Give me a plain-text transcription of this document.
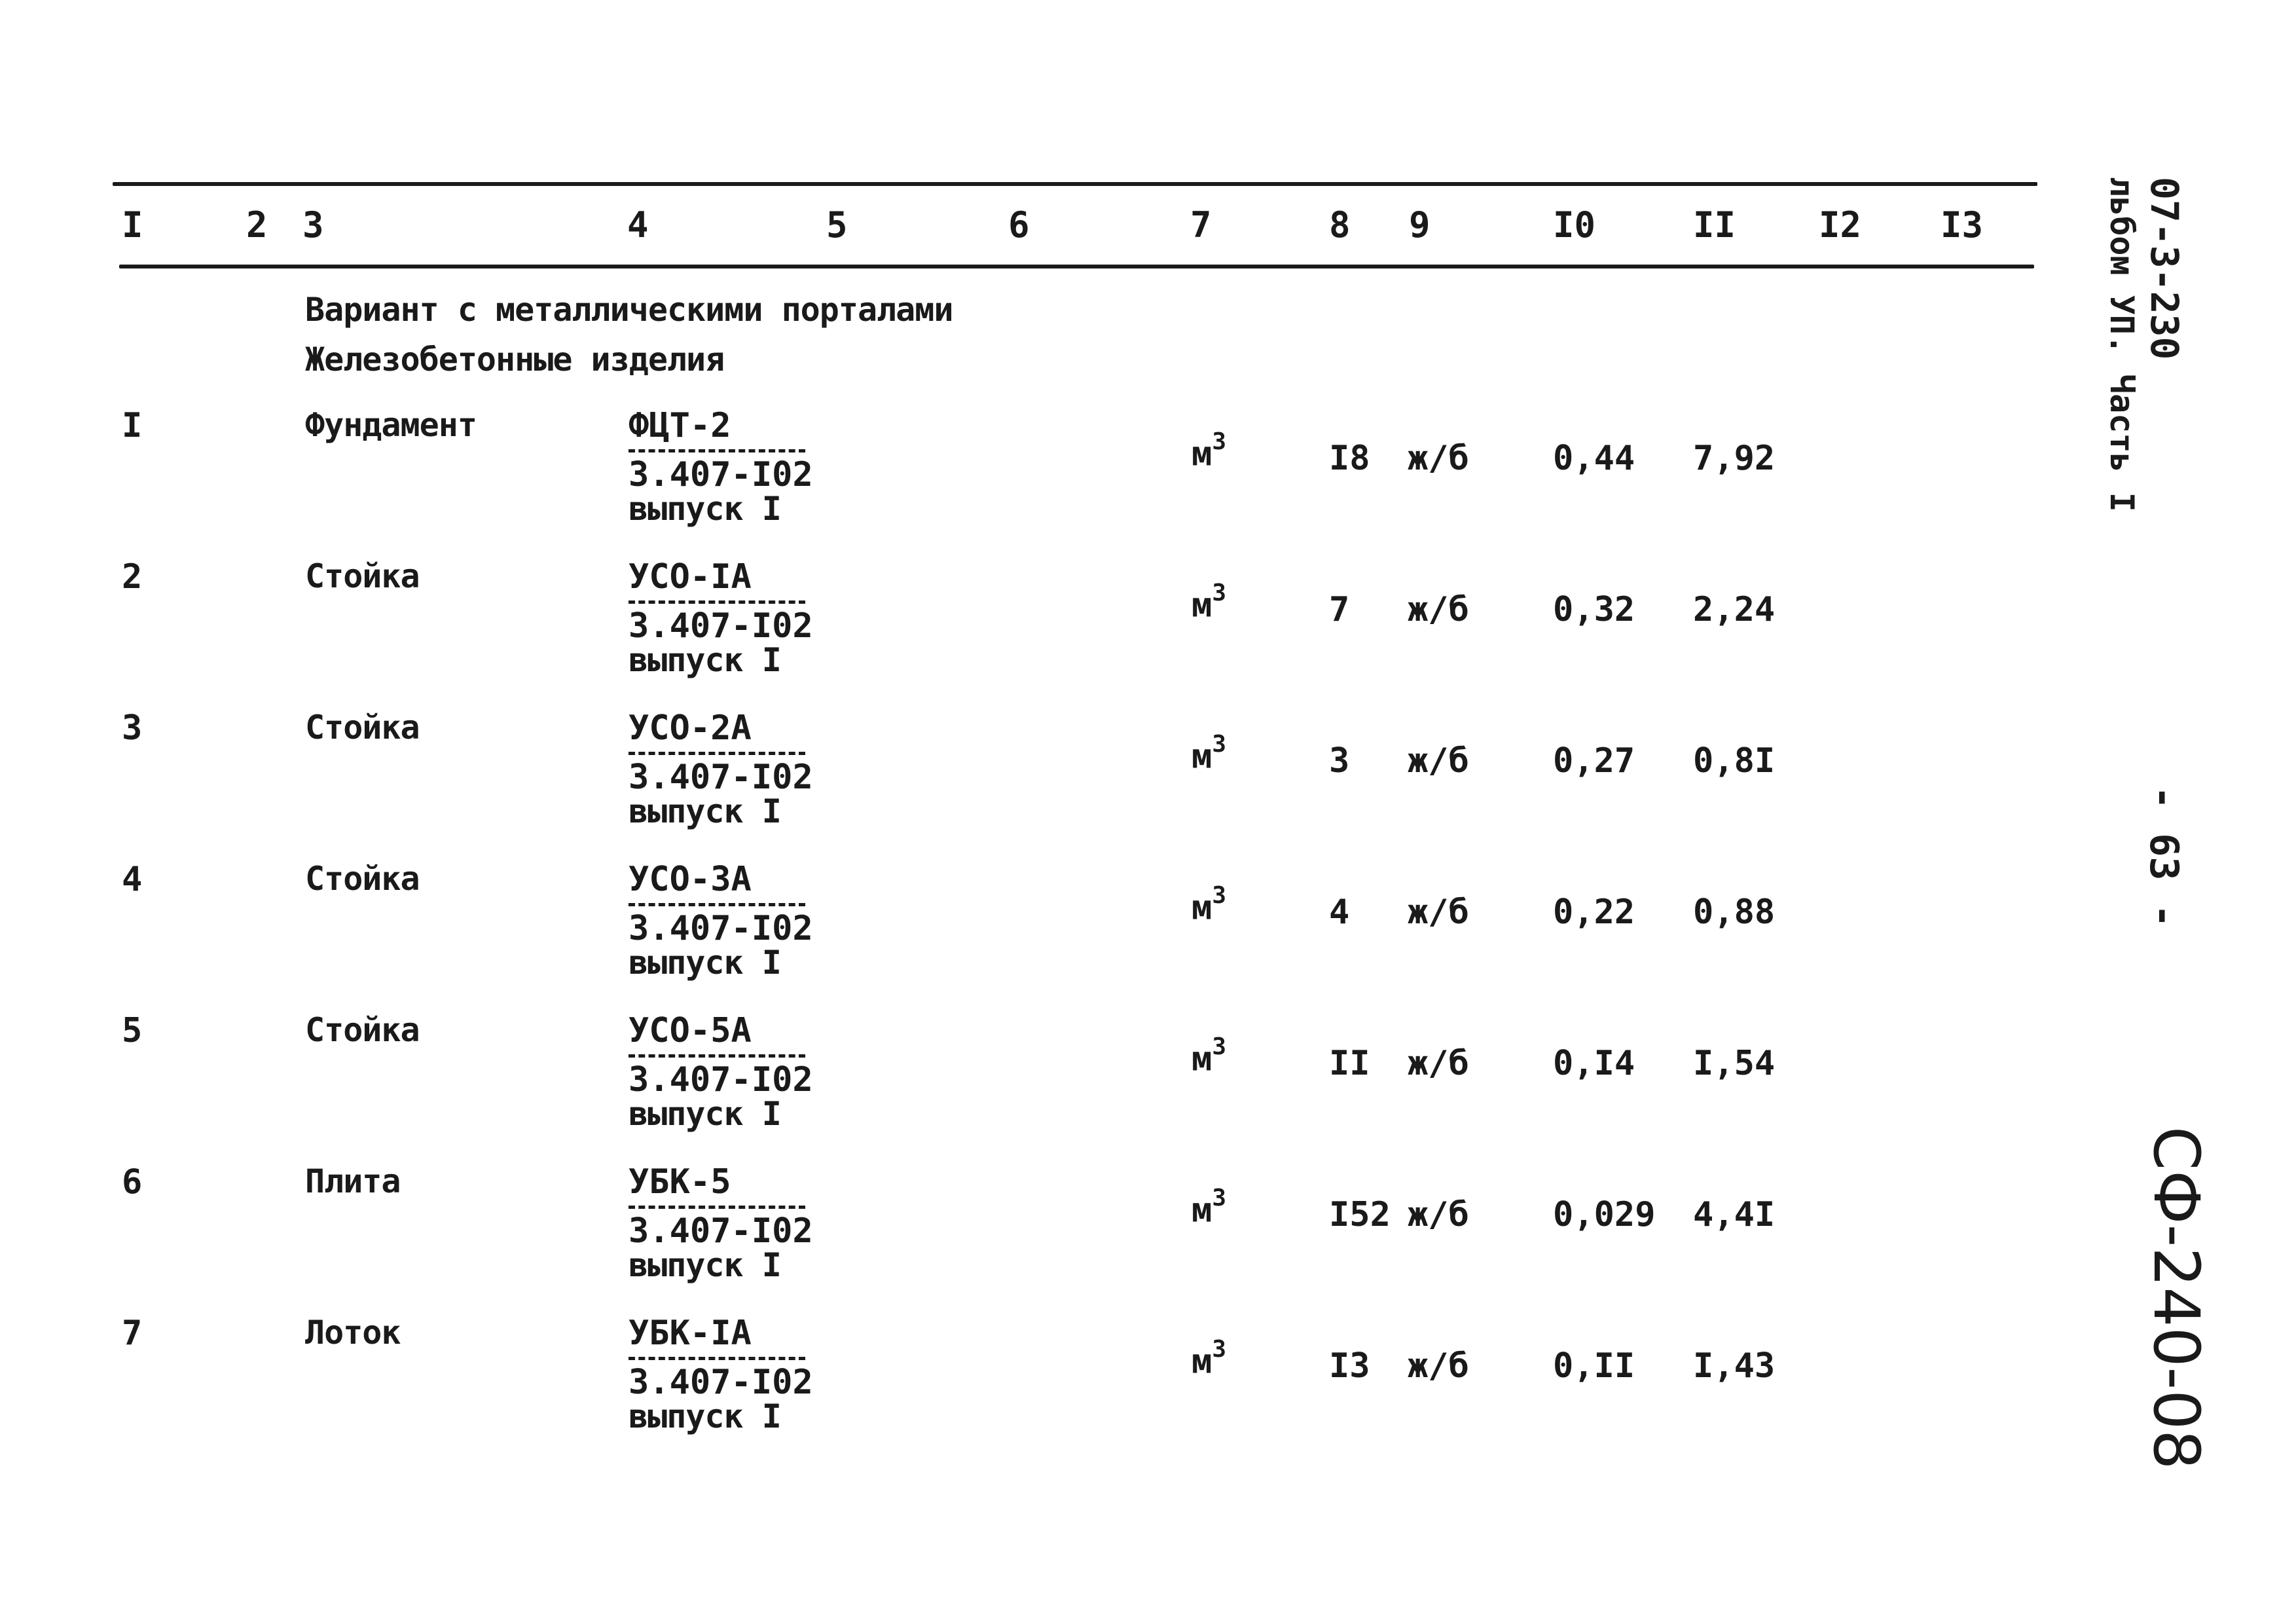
I	2 3	4	5	6	7	8 9	I0	II I2 I3
Вариант с металлическими порталами
Железобетонные изделия
I	Фундамент	ФЦТ-2
3.407-I02
выпуск I
$м^3$	I8 ж/б 0,44 7,92
2	Стойка	УСО-IА
3.407-I02
выпуск I
$м^3$	7 ж/б 0,32 2,24
3	Стойка	УСО-2А
3.407-I02
выпуск I
$м^3$	3 ж/б 0,27 0,8I
4	Стойка	УСО-3А
3.407-I02
выпуск I
$м^3$	4 ж/б 0,22 0,88
5	Стойка	УСО-5А
3.407-I02
выпуск I
$м^3$	II ж/б 0,I4 I,54
6	Плита	УБК-5
3.407-I02
выпуск I
$м^3$	I52 ж/б 0,029 4,4I
7	Лоток	УБК-IА
3.407-I02
выпуск I
$м^3$	I3 ж/б 0,II I,43
07-3-230
льбом УП. Часть I
- 63 -
СФ-240-08
